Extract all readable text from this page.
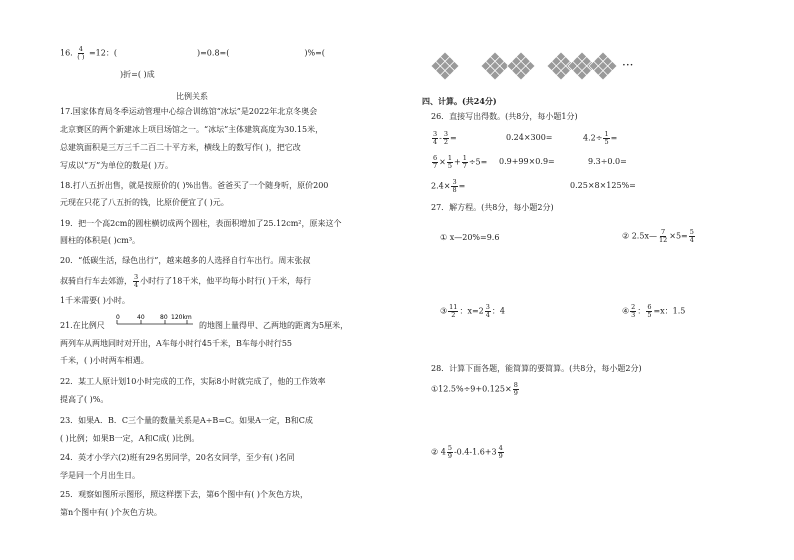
16. 4
( ) =12：(	)=0.8=(	)%=(
)折=( )成
比例关系
17.国家体育局冬季运动管理中心综合训练馆“冰坛”是2022年北京冬奥会
北京赛区的两个新建冰上项目场馆之一。“冰坛”主体建筑高度为30.15米，
总建筑面积是三万三千二百二十平方米，横线上的数写作( )，把它改
写成以“万”为单位的数是( )万。
18.打八五折出售，就是按原价的( )%出售。爸爸买了一个随身听，原价200
元现在只花了八五折的钱，比原价便宜了( )元。
19．把一个高2cm的圆柱横切成两个圆柱，表面积增加了25.12cm²，原来这个
圆柱的体积是( )cm³。
20．“低碳生活，绿色出行”，越来越多的人选择自行车出行。周末张叔
叔骑自行车去郊游， $\frac{3}{4}$ 小时行了18千米，他平均每小时行( )千米，每行
1千米需要( )小时。
21.在比例尺
0	40	80 120km
的地图上量得甲、乙两地的距离为5厘米，
两列车从两地同时对开出，A车每小时行45千米，B车每小时行55
千米，( )小时两车相遇。
22．某工人原计划10小时完成的工作，实际8小时就完成了，他的工作效率
提高了( )%。
23．如果A．B．C三个量的数量关系是A÷B=C。如果A一定，B和C成
( )比例；如果B一定，A和C成( )比例。
24．英才小学六(2)班有29名男同学，20名女同学，至少有( )名同
学是同一个月出生日。
25．观察如图所示图形，照这样摆下去，第6个图中有( )个灰色方块，
第n个图中有( )个灰色方块。
···
四、计算。(共24分)
26．直接写出得数。(共8分，每小题1分)
$\frac{3}{4} - \frac{3}{2}$ =	0.24×300=	$4.2\div \frac{1}{5}$ =
$\frac{6}{7} \times \frac{1}{5} + \frac{1}{7} \div 5= 0.9+99\times 0.9=$	9.3÷0.0=
$2.4\times \frac{3}{8}$ =	0.25×8×125%=
27．解方程。(共8分，每小题2分)
① x—20%=9.6	② 2.5x— $\frac{7}{12} \times 5= \frac{5}{4}$
③ $\frac{11}{2}$ ：$x=2 \frac{3}{4}$ ：4	④ $\frac{2}{3}$ ： $\frac{6}{5} =x$：1.5
28．计算下面各题，能简算的要简算。(共8分，每小题2分)
①12.5%÷9+0.125× $\frac{8}{9}$
② $4 \frac{5}{9} -0.4-1.6+3 \frac{4}{9}$
